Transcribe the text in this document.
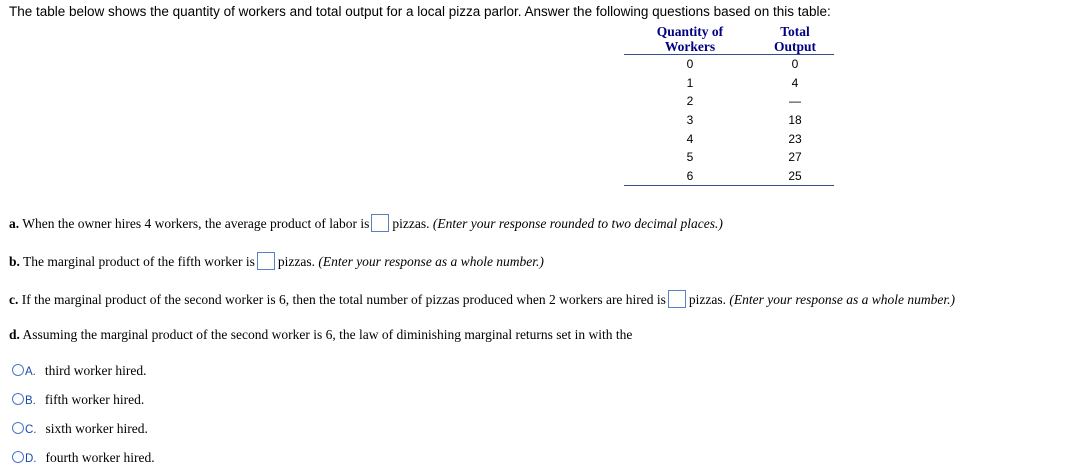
The table below shows the quantity of workers and total output for a local pizza parlor. Answer the following questions based on this table:
Quantity of
Workers	Total
Output
0	0
1	4
2	—
3	18
4	23
5	27
6	25
a. When the owner hires 4 workers, the average product of labor is pizzas. (Enter your response rounded to two decimal places.)
b. The marginal product of the fifth worker is pizzas. (Enter your response as a whole number.)
c. If the marginal product of the second worker is 6, then the total number of pizzas produced when 2 workers are hired is pizzas. (Enter your response as a whole number.)
d. Assuming the marginal product of the second worker is 6, the law of diminishing marginal returns set in with the
A. third worker hired.
B. fifth worker hired.
C. sixth worker hired.
D. fourth worker hired.
